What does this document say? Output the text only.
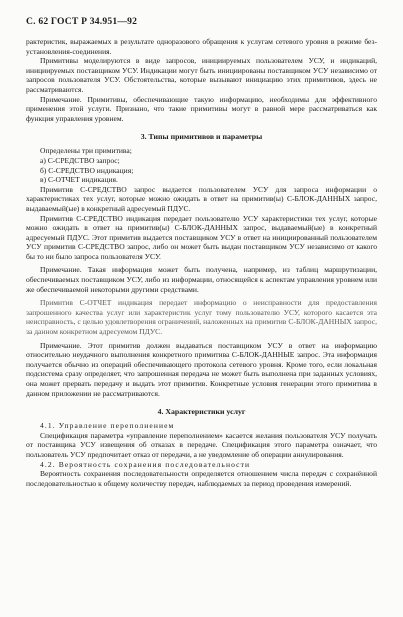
С. 62 ГОСТ Р 34.951—92

рактеристик, выражаемых в результате одноразового обращения к услугам сетевого уровня в режиме без-установления-соединения.

Примитивы моделируются в виде запросов, инициируемых пользователем УСУ, и индикаций, инициируемых поставщиком УСУ. Индикации могут быть инициированы поставщиком УСУ независимо от запросов пользователя УСУ. Обстоятельства, которые вызывают инициацию этих примитивов, здесь не рассматриваются.

Примечание. Примитивы, обеспечивающие такую информацию, необходимы для эффективного применения этой услуги. Признано, что такие примитивы могут в равной мере рассматриваться как функция управления уровнем.

3. Типы примитивов и параметры

Определены три примитива;

а) С-СРЕДСТВО запрос;
б) С-СРЕДСТВО индикация;
в) С-ОТЧЕТ индикация.

Примитив С-СРЕДСТВО запрос выдается пользователем УСУ для запроса информации о характеристиках тех услуг, которые можно ожидать в ответ на примитив(ы) С-БЛОК-ДАННЫХ запрос, выдаваемый(ые) в конкретный адресуемый ПДУС.

Примитив С-СРЕДСТВО индикация передает пользователю УСУ характеристики тех услуг, которые можно ожидать в ответ на примитив(ы) С-БЛОК-ДАННЫХ запрос, выдаваемый(ые) в конкретный адресуемый ПДУС. Этот примитив выдается поставщиком УСУ в ответ на инициированный пользователем УСУ примитив С-СРЕДСТВО запрос, либо он может быть выдан поставщиком УСУ независимо от какого бы то ни было запроса пользователя УСУ.

Примечание. Такая информация может быть получена, например, из таблиц маршрутизации, обеспечиваемых поставщиком УСУ, либо из информации, относящейся к аспектам управления уровнем или же обеспечиваемой некоторыми другими средствами.

Примитив С-ОТЧЕТ индикация передает информацию о неисправности для предоставления запрошенного качества услуг или характеристик услуг тому пользователю УСУ, которого касается эта неисправность, с целью удовлетворения ограничений, наложенных на примитив С-БЛОК-ДАННЫХ запрос, за данном конкретном адресуемом ПДУС.

Примечание. Этот примитив должен выдаваться поставщиком УСУ в ответ на информацию относительно неудачного выполнения конкретного примитива С-БЛОК-ДАННЫЕ запрос. Эта информация получается обычно из операций обеспечивающего протокола сетевого уровня. Кроме того, если локальная подсистема сразу определяет, что запрошенная передача не может быть выполнена при заданных условиях, она может прервать передачу и выдать этот примитив. Конкретные условия генерации этого примитива в данном приложении не рассматриваются.

4. Характеристики услуг

4.1. Управление переполнением

Спецификация параметра «управление переполнением» касается желания пользователя УСУ получать от поставщика УСУ извещения об отказах в передаче. Спецификация этого параметра означает, что пользователь УСУ предпочитает отказ от передачи, а не уведомление об операции аннулирования.

4.2. Вероятность сохранения последовательности

Вероятность сохранения последовательности определяется отношением числа передач с сохранённой последовательностью к общему количеству передач, наблюдаемых за период проведения измерений.
